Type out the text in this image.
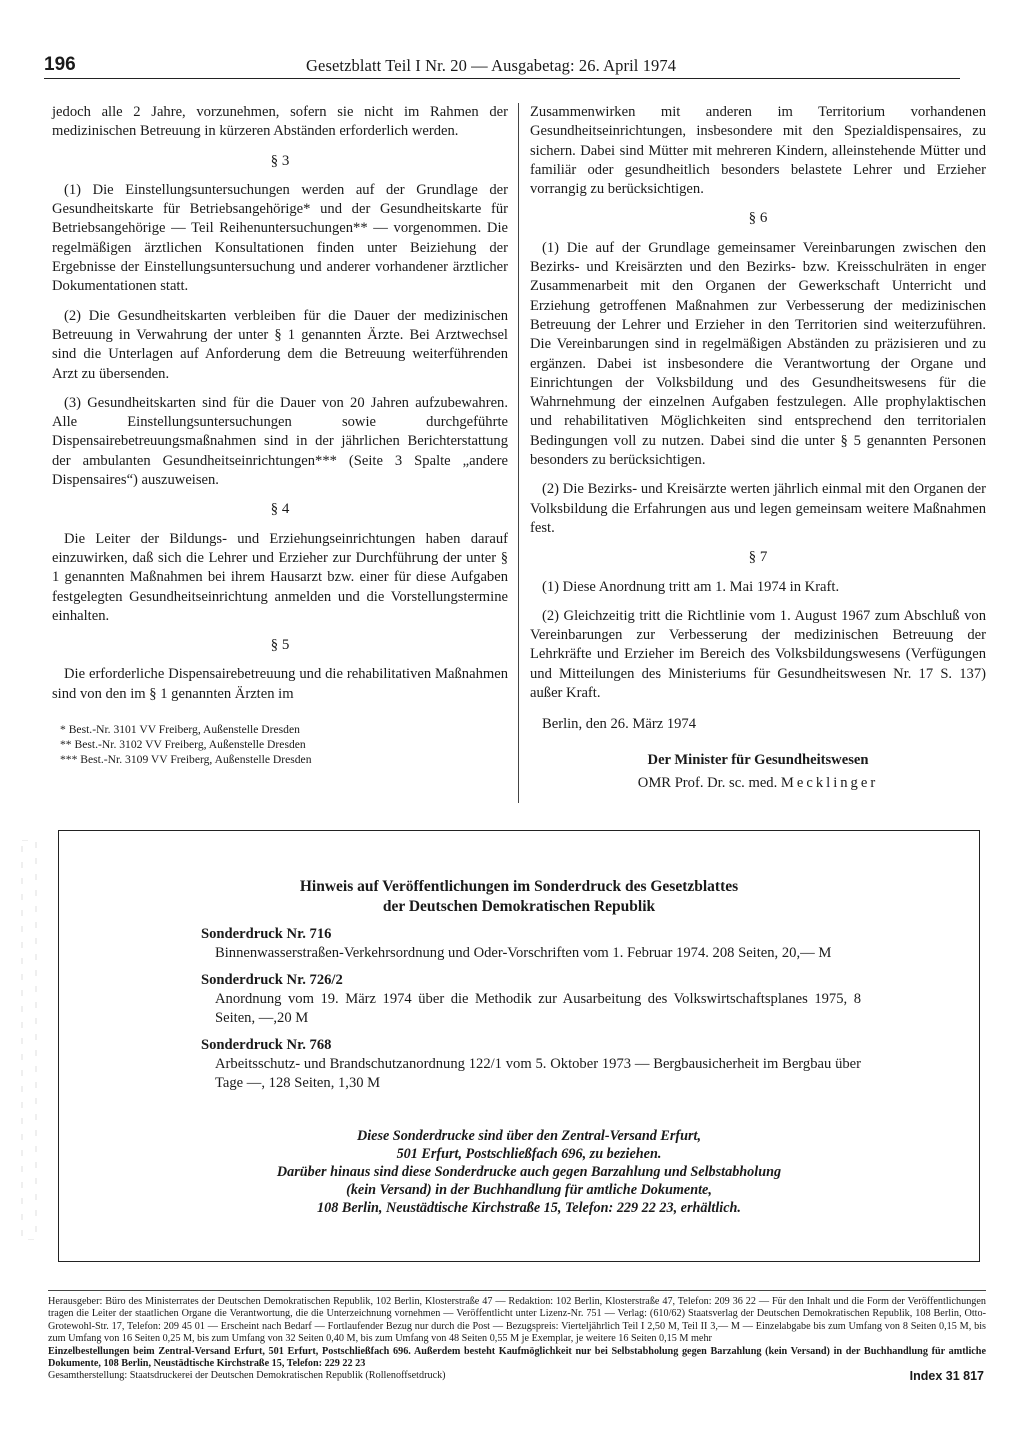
196	Gesetzblatt Teil I Nr. 20 — Ausgabetag: 26. April 1974

jedoch alle 2 Jahre, vorzunehmen, sofern sie nicht im Rahmen der medizinischen Betreuung in kürzeren Abständen erforderlich werden.

§ 3

(1) Die Einstellungsuntersuchungen werden auf der Grundlage der Gesundheitskarte für Betriebsangehörige* und der Gesundheitskarte für Betriebsangehörige — Teil Reihenuntersuchungen** — vorgenommen. Die regelmäßigen ärztlichen Konsultationen finden unter Beiziehung der Ergebnisse der Einstellungsuntersuchung und anderer vorhandener ärztlicher Dokumentationen statt.

(2) Die Gesundheitskarten verbleiben für die Dauer der medizinischen Betreuung in Verwahrung der unter § 1 genannten Ärzte. Bei Arztwechsel sind die Unterlagen auf Anforderung dem die Betreuung weiterführenden Arzt zu übersenden.

(3) Gesundheitskarten sind für die Dauer von 20 Jahren aufzubewahren. Alle Einstellungsuntersuchungen sowie durchgeführte Dispensairebetreuungsmaßnahmen sind in der jährlichen Berichterstattung der ambulanten Gesundheitseinrichtungen*** (Seite 3 Spalte „andere Dispensaires“) auszuweisen.

§ 4

Die Leiter der Bildungs- und Erziehungseinrichtungen haben darauf einzuwirken, daß sich die Lehrer und Erzieher zur Durchführung der unter § 1 genannten Maßnahmen bei ihrem Hausarzt bzw. einer für diese Aufgaben festgelegten Gesundheitseinrichtung anmelden und die Vorstellungstermine einhalten.

§ 5

Die erforderliche Dispensairebetreuung und die rehabilitativen Maßnahmen sind von den im § 1 genannten Ärzten im

* Best.-Nr. 3101 VV Freiberg, Außenstelle Dresden
** Best.-Nr. 3102 VV Freiberg, Außenstelle Dresden
*** Best.-Nr. 3109 VV Freiberg, Außenstelle Dresden

Zusammenwirken mit anderen im Territorium vorhandenen Gesundheitseinrichtungen, insbesondere mit den Spezialdispensaires, zu sichern. Dabei sind Mütter mit mehreren Kindern, alleinstehende Mütter und familiär oder gesundheitlich besonders belastete Lehrer und Erzieher vorrangig zu berücksichtigen.

§ 6

(1) Die auf der Grundlage gemeinsamer Vereinbarungen zwischen den Bezirks- und Kreisärzten und den Bezirks- bzw. Kreisschulräten in enger Zusammenarbeit mit den Organen der Gewerkschaft Unterricht und Erziehung getroffenen Maßnahmen zur Verbesserung der medizinischen Betreuung der Lehrer und Erzieher in den Territorien sind weiterzuführen. Die Vereinbarungen sind in regelmäßigen Abständen zu präzisieren und zu ergänzen. Dabei ist insbesondere die Verantwortung der Organe und Einrichtungen der Volksbildung und des Gesundheitswesens für die Wahrnehmung der einzelnen Aufgaben festzulegen. Alle prophylaktischen und rehabilitativen Möglichkeiten sind entsprechend den territorialen Bedingungen voll zu nutzen. Dabei sind die unter § 5 genannten Personen besonders zu berücksichtigen.

(2) Die Bezirks- und Kreisärzte werten jährlich einmal mit den Organen der Volksbildung die Erfahrungen aus und legen gemeinsam weitere Maßnahmen fest.

§ 7

(1) Diese Anordnung tritt am 1. Mai 1974 in Kraft.

(2) Gleichzeitig tritt die Richtlinie vom 1. August 1967 zum Abschluß von Vereinbarungen zur Verbesserung der medizinischen Betreuung der Lehrkräfte und Erzieher im Bereich des Volksbildungswesens (Verfügungen und Mitteilungen des Ministeriums für Gesundheitswesen Nr. 17 S. 137) außer Kraft.

Berlin, den 26. März 1974
Der Minister für Gesundheitswesen
OMR Prof. Dr. sc. med. Mecklinger
Hinweis auf Veröffentlichungen im Sonderdruck des Gesetzblattes
der Deutschen Demokratischen Republik
Sonderdruck Nr. 716
Binnenwasserstraßen-Verkehrsordnung und Oder-Vorschriften vom 1. Februar 1974. 208 Seiten, 20,— M
Sonderdruck Nr. 726/2
Anordnung vom 19. März 1974 über die Methodik zur Ausarbeitung des Volkswirtschaftsplanes 1975, 8 Seiten, —,20 M
Sonderdruck Nr. 768
Arbeitsschutz- und Brandschutzanordnung 122/1 vom 5. Oktober 1973 — Bergbausicherheit im Bergbau über Tage —, 128 Seiten, 1,30 M
Diese Sonderdrucke sind über den Zentral-Versand Erfurt,
501 Erfurt, Postschließfach 696, zu beziehen.
Darüber hinaus sind diese Sonderdrucke auch gegen Barzahlung und Selbstabholung
(kein Versand) in der Buchhandlung für amtliche Dokumente,
108 Berlin, Neustädtische Kirchstraße 15, Telefon: 229 22 23, erhältlich.
Herausgeber: Büro des Ministerrates der Deutschen Demokratischen Republik, 102 Berlin, Klosterstraße 47 — Redaktion: 102 Berlin, Klosterstraße 47, Telefon: 209 36 22 — Für den Inhalt und die Form der Veröffentlichungen tragen die Leiter der staatlichen Organe die Verantwortung, die die Unterzeichnung vornehmen — Veröffentlicht unter Lizenz-Nr. 751 — Verlag: (610/62) Staatsverlag der Deutschen Demokratischen Republik, 108 Berlin, Otto-Grotewohl-Str. 17, Telefon: 209 45 01 — Erscheint nach Bedarf — Fortlaufender Bezug nur durch die Post — Bezugspreis: Vierteljährlich Teil I 2,50 M, Teil II 3,— M — Einzelabgabe bis zum Umfang von 8 Seiten 0,15 M, bis zum Umfang von 16 Seiten 0,25 M, bis zum Umfang von 32 Seiten 0,40 M, bis zum Umfang von 48 Seiten 0,55 M je Exemplar, je weitere 16 Seiten 0,15 M mehr
Einzelbestellungen beim Zentral-Versand Erfurt, 501 Erfurt, Postschließfach 696. Außerdem besteht Kaufmöglichkeit nur bei Selbstabholung gegen Barzahlung (kein Versand) in der Buchhandlung für amtliche Dokumente, 108 Berlin, Neustädtische Kirchstraße 15, Telefon: 229 22 23
Gesamtherstellung: Staatsdruckerei der Deutschen Demokratischen Republik (Rollenoffsetdruck)	Index 31 817
